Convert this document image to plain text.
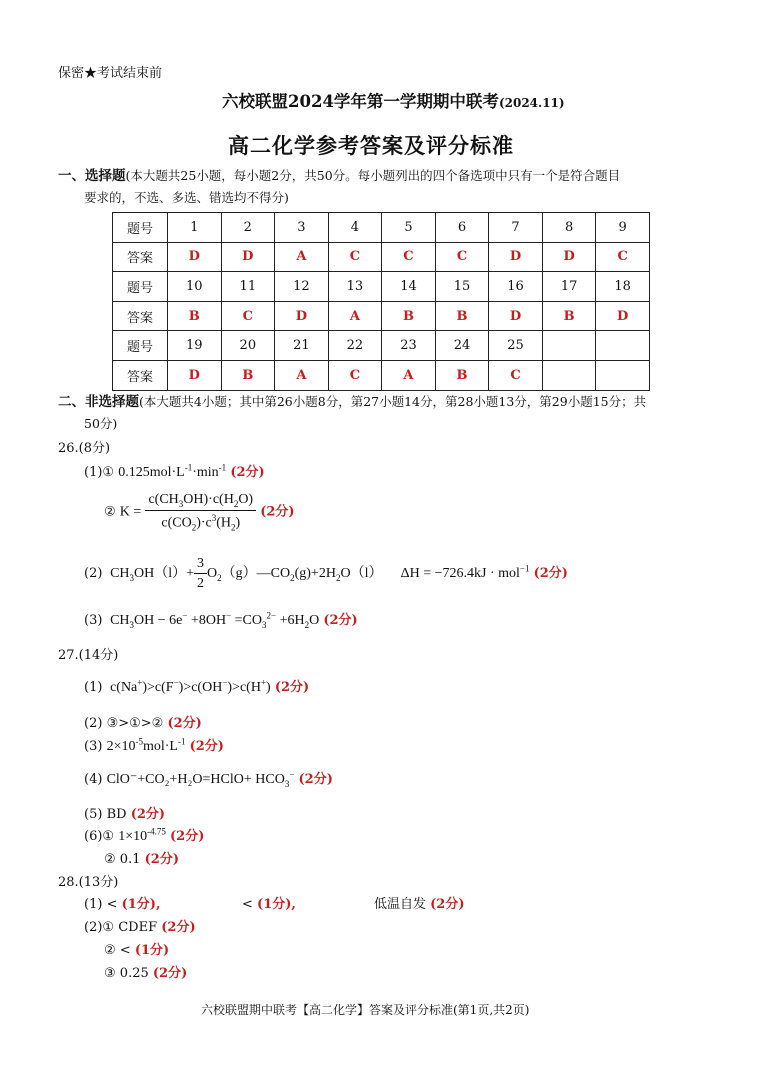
保密★考试结束前
六校联盟2024学年第一学期期中联考(2024.11)
高二化学参考答案及评分标准
一、选择题(本大题共25小题，每小题2分，共50分。每小题列出的四个备选项中只有一个是符合题目
要求的，不选、多选、错选均不得分)
题号	1	2	3	4	5	6	7	8	9
答案	D	D	A	C	C	C	D	D	C
题号	10	11	12	13	14	15	16	17	18
答案	B	C	D	A	B	B	D	B	D
题号	19	20	21	22	23	24	25		
答案	D	B	A	C	A	B	C		
二、非选择题(本大题共4小题；其中第26小题8分，第27小题14分，第28小题13分，第29小题15分；共
50分)
26.(8分)
(1)① $0.125mol\cdot L^{-1}\cdot\min^{-1}$ (2分)
② $K = \frac{c(CH_3OH)\cdot c(H_2O)}{c(CO_2)\cdot c^3(H_2)} (2$分)
(2)  $CH_3OH(l)+ \frac{3}{2}$ $O_2(g)—CO_2(g)+2H_2O(l) \Delta H = -726.4kJ \cdot mol^{-1}$ (2分)
(3)  $CH_3OH - 6e^- +8OH^- =CO_3^{2-} +6H_2O$ (2分)
27.(14分)
(1)  c(Na+)>c(F−)>c(OH−)>c(H+) (2分)
(2) ③>①>② (2分)
(3) $2\times 10^{-5}mol\cdot L^{-1}$ (2分)
(4) ClO⁻+CO₂+H₂O=HClO+ $HCO_3^-$ (2分)
(5) BD (2分)
(6)① $1\times 10^{-4.75}$ (2分)
② 0.1 (2分)
28.(13分)
(1) < (1分),	< (1分),	低温自发 (2分)
(2)① CDEF (2分)
② < (1分)
③ 0.25 (2分)
六校联盟期中联考【高二化学】答案及评分标准(第1页,共2页)
